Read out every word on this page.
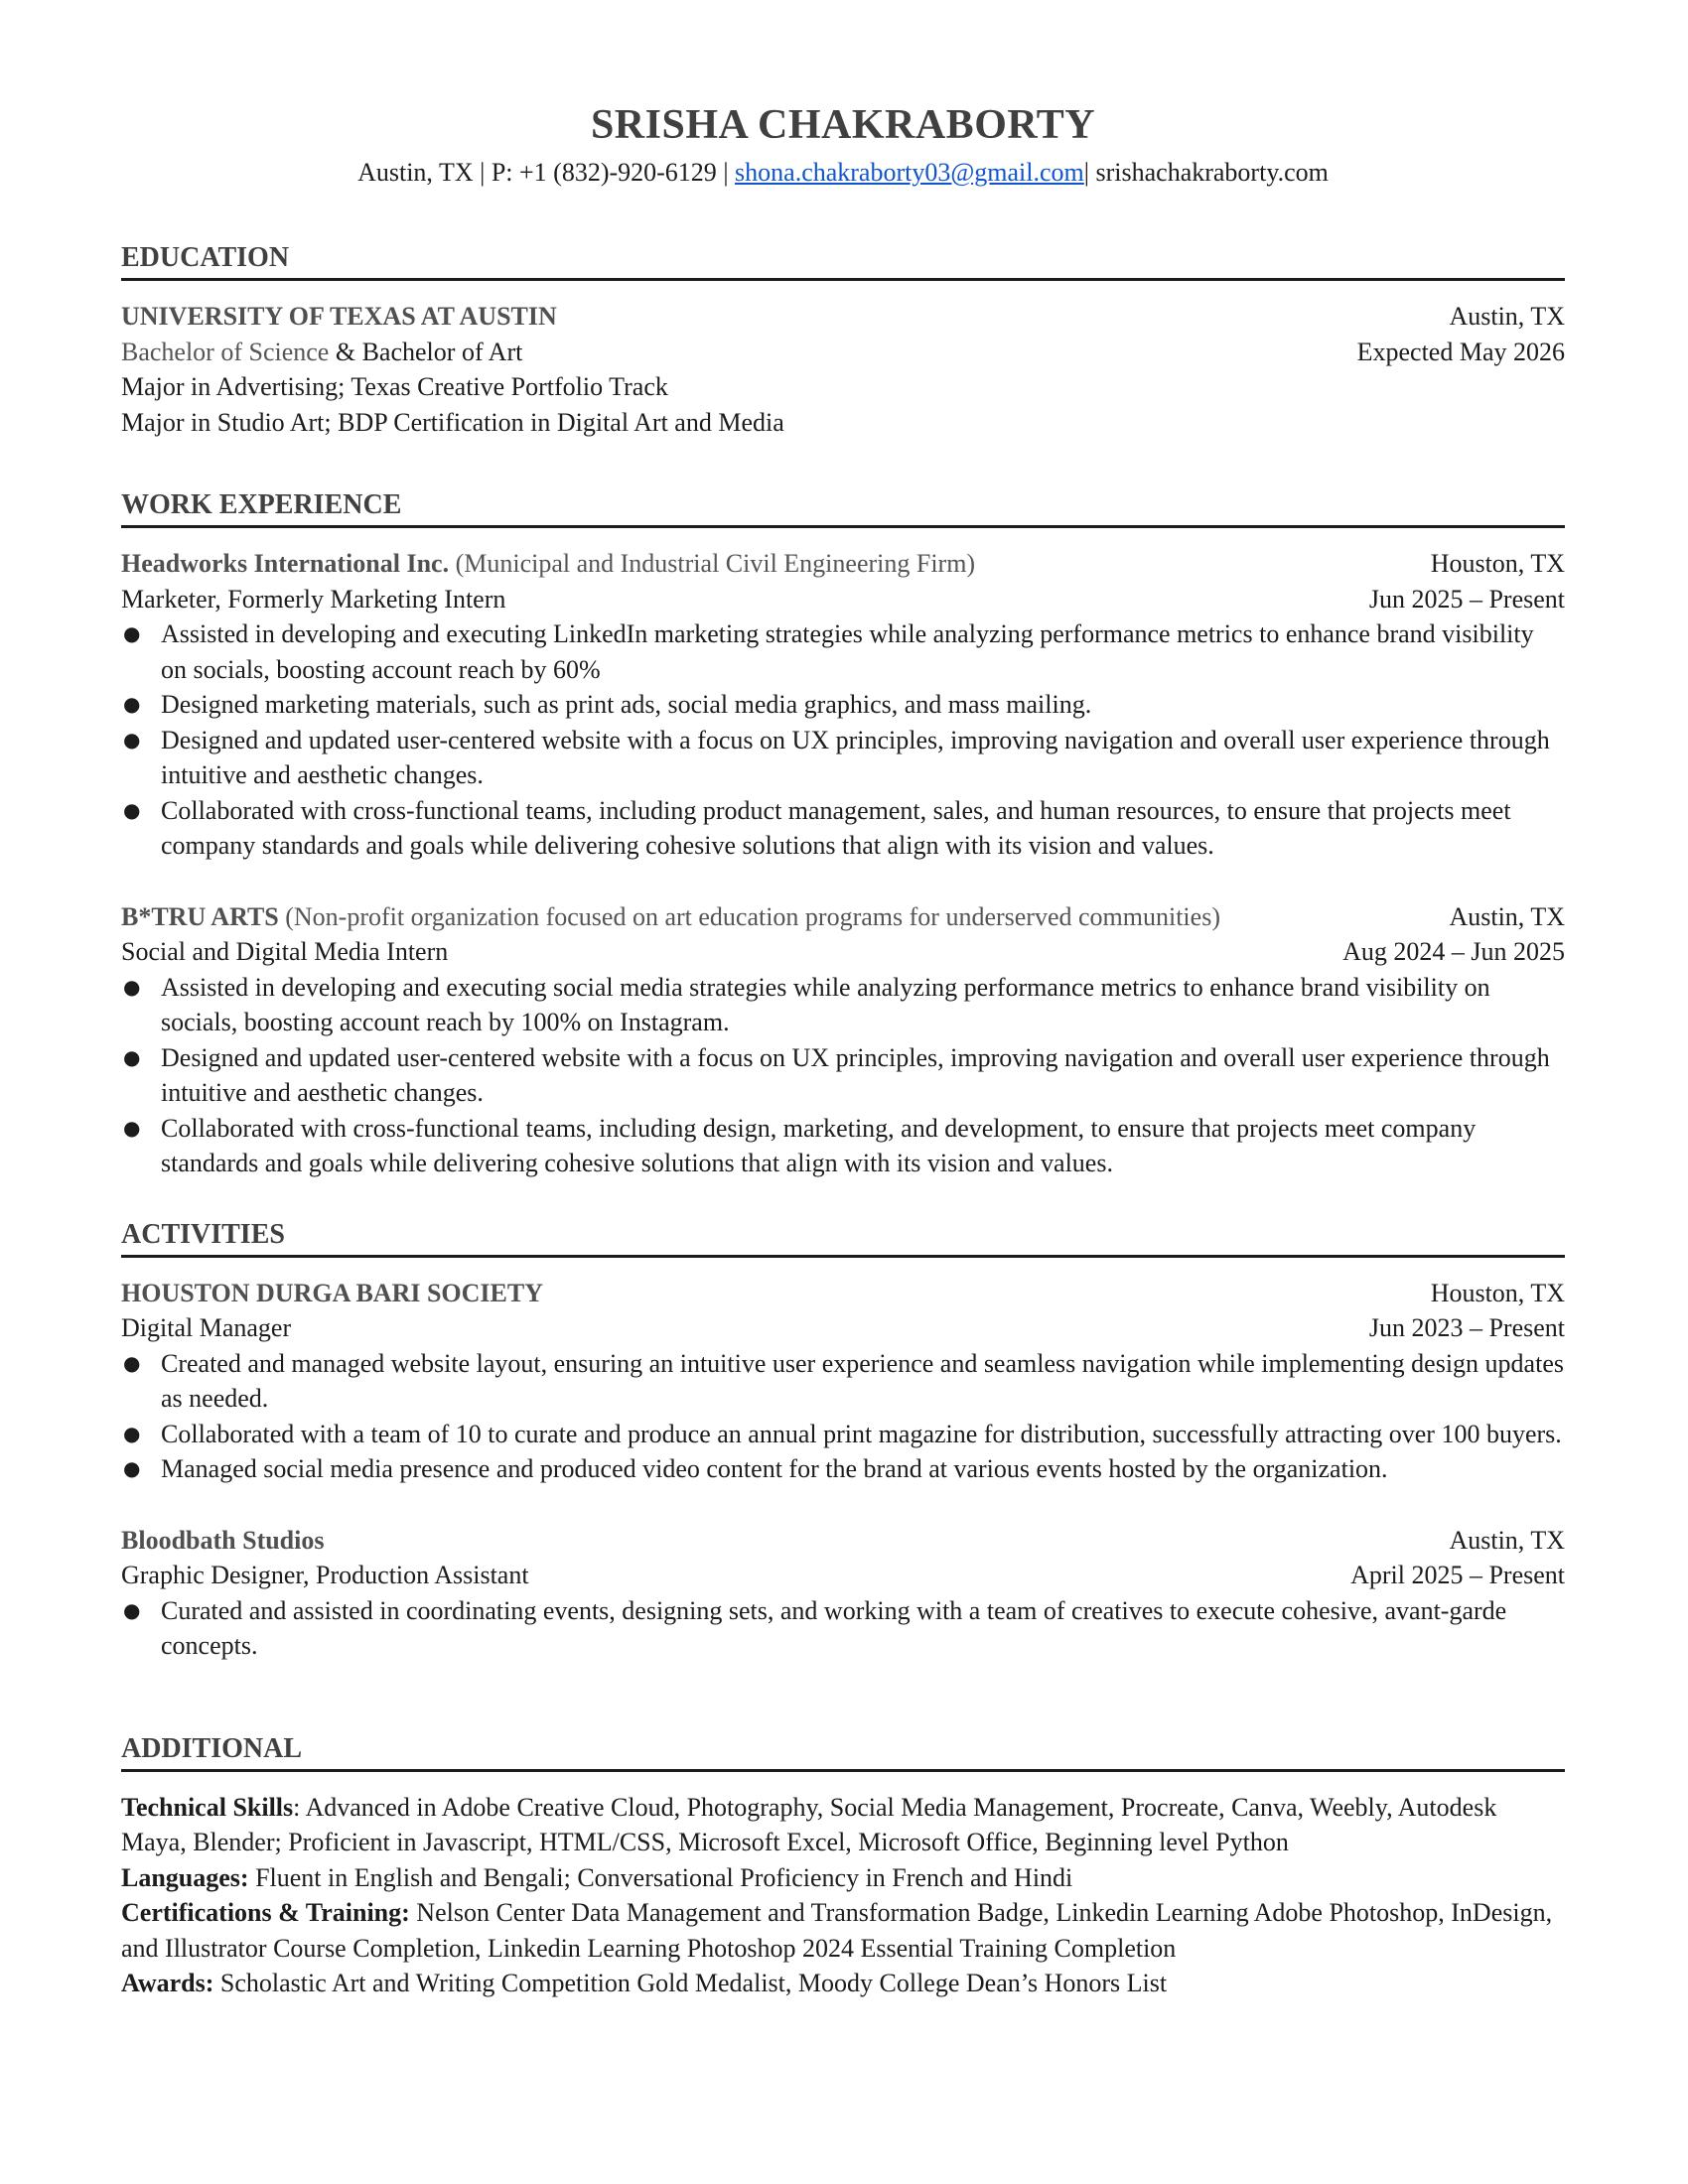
SRISHA CHAKRABORTY
Austin, TX | P: +1 (832)-920-6129 | shona.chakraborty03@gmail.com| srishachakraborty.com
EDUCATION
UNIVERSITY OF TEXAS AT AUSTIN	Austin, TX
Bachelor of Science & Bachelor of Art	Expected May 2026
Major in Advertising; Texas Creative Portfolio Track
Major in Studio Art; BDP Certification in Digital Art and Media
WORK EXPERIENCE
Headworks International Inc. (Municipal and Industrial Civil Engineering Firm)	Houston, TX
Marketer, Formerly Marketing Intern	Jun 2025 – Present
● Assisted in developing and executing LinkedIn marketing strategies while analyzing performance metrics to enhance brand visibility on socials, boosting account reach by 60%
● Designed marketing materials, such as print ads, social media graphics, and mass mailing.
● Designed and updated user-centered website with a focus on UX principles, improving navigation and overall user experience through intuitive and aesthetic changes.
● Collaborated with cross-functional teams, including product management, sales, and human resources, to ensure that projects meet company standards and goals while delivering cohesive solutions that align with its vision and values.
B*TRU ARTS (Non-profit organization focused on art education programs for underserved communities)	Austin, TX
Social and Digital Media Intern	Aug 2024 – Jun 2025
● Assisted in developing and executing social media strategies while analyzing performance metrics to enhance brand visibility on socials, boosting account reach by 100% on Instagram.
● Designed and updated user-centered website with a focus on UX principles, improving navigation and overall user experience through intuitive and aesthetic changes.
● Collaborated with cross-functional teams, including design, marketing, and development, to ensure that projects meet company standards and goals while delivering cohesive solutions that align with its vision and values.
ACTIVITIES
HOUSTON DURGA BARI SOCIETY	Houston, TX
Digital Manager	Jun 2023 – Present
● Created and managed website layout, ensuring an intuitive user experience and seamless navigation while implementing design updates as needed.
● Collaborated with a team of 10 to curate and produce an annual print magazine for distribution, successfully attracting over 100 buyers.
● Managed social media presence and produced video content for the brand at various events hosted by the organization.
Bloodbath Studios	Austin, TX
Graphic Designer, Production Assistant	April 2025 – Present
● Curated and assisted in coordinating events, designing sets, and working with a team of creatives to execute cohesive, avant-garde concepts.
ADDITIONAL

Technical Skills: Advanced in Adobe Creative Cloud, Photography, Social Media Management, Procreate, Canva, Weebly, Autodesk Maya, Blender; Proficient in Javascript, HTML/CSS, Microsoft Excel, Microsoft Office, Beginning level Python

Languages: Fluent in English and Bengali; Conversational Proficiency in French and Hindi

Certifications & Training: Nelson Center Data Management and Transformation Badge, Linkedin Learning Adobe Photoshop, InDesign, and Illustrator Course Completion, Linkedin Learning Photoshop 2024 Essential Training Completion

Awards: Scholastic Art and Writing Competition Gold Medalist, Moody College Dean’s Honors List
